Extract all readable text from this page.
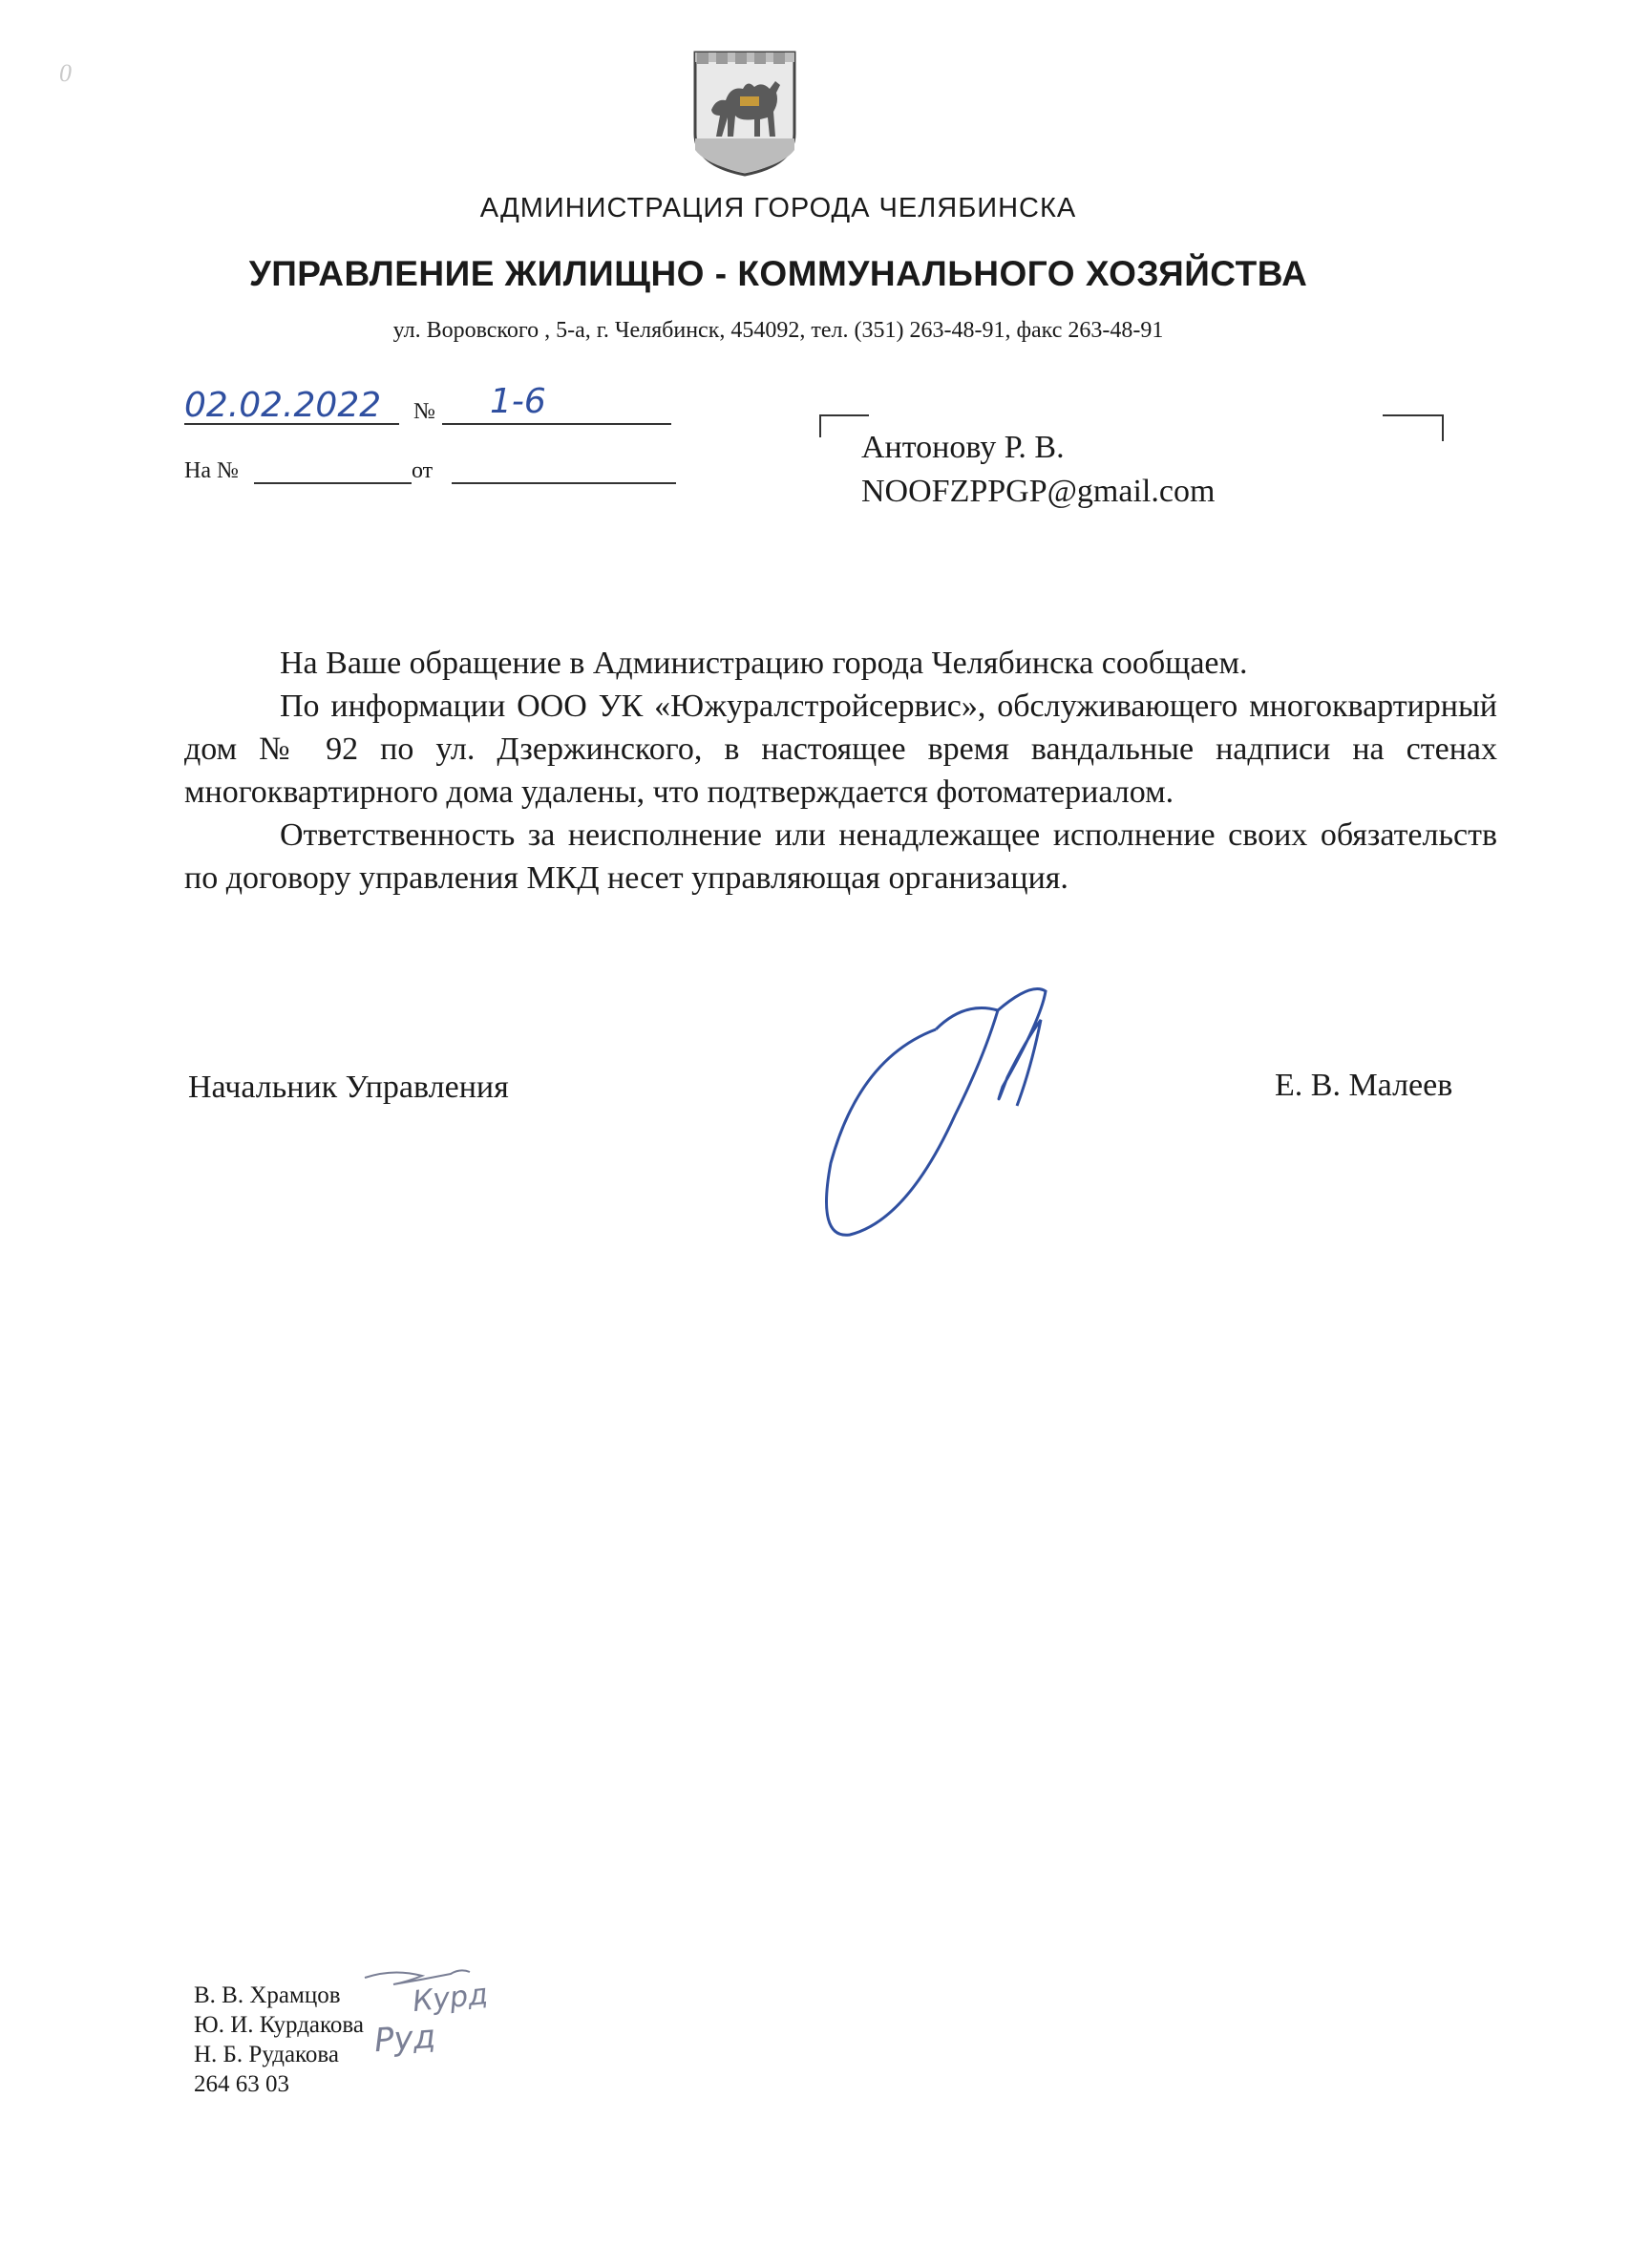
0
АДМИНИСТРАЦИЯ ГОРОДА ЧЕЛЯБИНСКА
УПРАВЛЕНИЕ ЖИЛИЩНО - КОММУНАЛЬНОГО ХОЗЯЙСТВА
ул. Воровского , 5-а, г. Челябинск, 454092, тел. (351) 263-48-91, факс 263-48-91
02.02.2022 № 1-6
На №	от
Антонову Р. В.
NOOFZPPGP@gmail.com

На Ваше обращение в Администрацию города Челябинска сообщаем.

По информации ООО УК «Южуралстройсервис», обслуживающего многоквартирный дом № 92 по ул. Дзержинского, в настоящее время вандальные надписи на стенах многоквартирного дома удалены, что подтверждается фотоматериалом.

Ответственность за неисполнение или ненадлежащее исполнение своих обязательств по договору управления МКД несет управляющая организация.

Начальник Управления	Е. В. Малеев
В. В. Храмцов
Ю. И. Курдакова
Н. Б. Рудакова
264 63 03
Курд
Руд
